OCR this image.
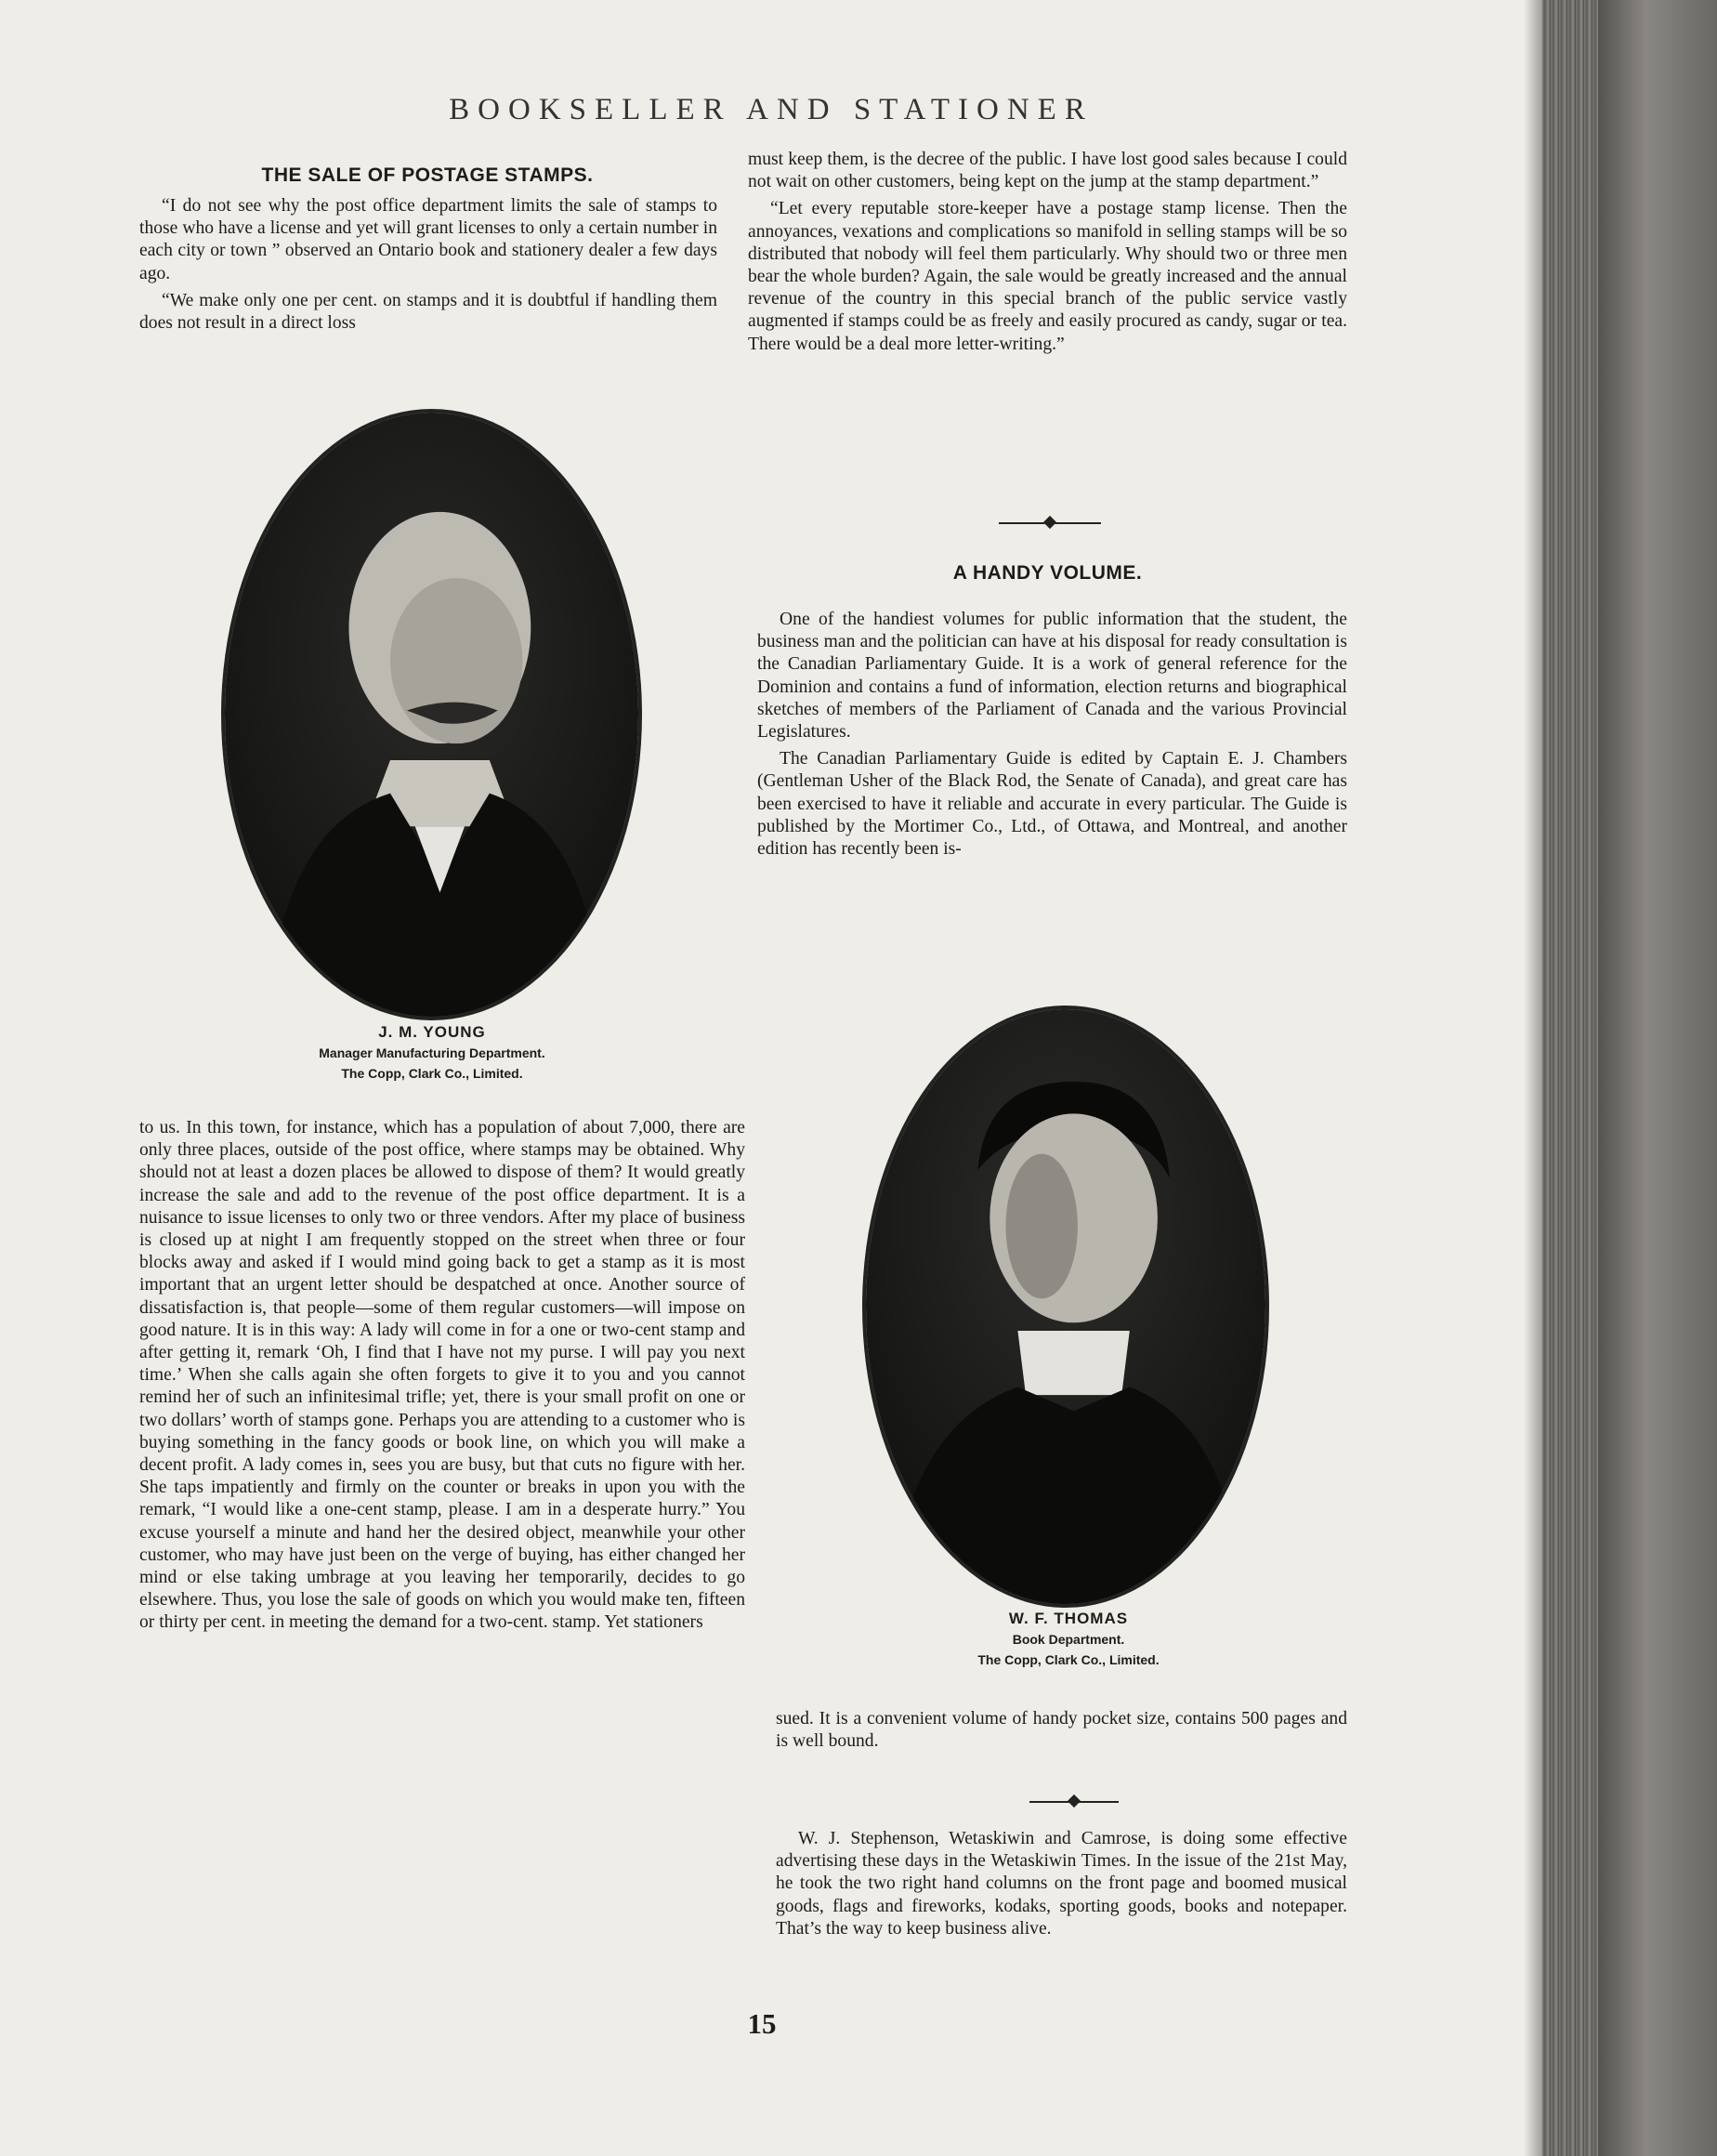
BOOKSELLER AND STATIONER
THE SALE OF POSTAGE STAMPS.

“I do not see why the post office department limits the sale of stamps to those who have a license and yet will grant licenses to only a certain number in each city or town ” observed an Ontario book and stationery dealer a few days ago.

“We make only one per cent. on stamps and it is doubtful if handling them does not result in a direct loss

J. M. YOUNG
Manager Manufacturing Department.
The Copp, Clark Co., Limited.

to us. In this town, for instance, which has a population of about 7,000, there are only three places, outside of the post office, where stamps may be obtained. Why should not at least a dozen places be allowed to dispose of them? It would greatly increase the sale and add to the revenue of the post office department. It is a nuisance to issue licenses to only two or three vendors. After my place of business is closed up at night I am frequently stopped on the street when three or four blocks away and asked if I would mind going back to get a stamp as it is most important that an urgent letter should be despatched at once. Another source of dissatisfaction is, that people—some of them regular customers—will impose on good nature. It is in this way: A lady will come in for a one or two-cent stamp and after getting it, remark ‘Oh, I find that I have not my purse. I will pay you next time.’ When she calls again she often forgets to give it to you and you cannot remind her of such an infinitesimal trifle; yet, there is your small profit on one or two dollars’ worth of stamps gone. Perhaps you are attending to a customer who is buying something in the fancy goods or book line, on which you will make a decent profit. A lady comes in, sees you are busy, but that cuts no figure with her. She taps impatiently and firmly on the counter or breaks in upon you with the remark, “I would like a one-cent stamp, please. I am in a desperate hurry.” You excuse yourself a minute and hand her the desired object, meanwhile your other customer, who may have just been on the verge of buying, has either changed her mind or else taking umbrage at you leaving her temporarily, decides to go elsewhere. Thus, you lose the sale of goods on which you would make ten, fifteen or thirty per cent. in meeting the demand for a two-cent. stamp. Yet stationers

must keep them, is the decree of the public. I have lost good sales because I could not wait on other customers, being kept on the jump at the stamp department.”

“Let every reputable store-keeper have a postage stamp license. Then the annoyances, vexations and complications so manifold in selling stamps will be so distributed that nobody will feel them particularly. Why should two or three men bear the whole burden? Again, the sale would be greatly increased and the annual revenue of the country in this special branch of the public service vastly augmented if stamps could be as freely and easily procured as candy, sugar or tea. There would be a deal more letter-writing.”

A HANDY VOLUME.

One of the handiest volumes for public information that the student, the business man and the politician can have at his disposal for ready consultation is the Canadian Parliamentary Guide. It is a work of general reference for the Dominion and contains a fund of information, election returns and biographical sketches of members of the Parliament of Canada and the various Provincial Legislatures.

The Canadian Parliamentary Guide is edited by Captain E. J. Chambers (Gentleman Usher of the Black Rod, the Senate of Canada), and great care has been exercised to have it reliable and accurate in every particular. The Guide is published by the Mortimer Co., Ltd., of Ottawa, and Montreal, and another edition has recently been is-

W. F. THOMAS
Book Department.
The Copp, Clark Co., Limited.

sued. It is a convenient volume of handy pocket size, contains 500 pages and is well bound.

W. J. Stephenson, Wetaskiwin and Camrose, is doing some effective advertising these days in the Wetaskiwin Times. In the issue of the 21st May, he took the two right hand columns on the front page and boomed musical goods, flags and fireworks, kodaks, sporting goods, books and notepaper. That’s the way to keep business alive.

15
